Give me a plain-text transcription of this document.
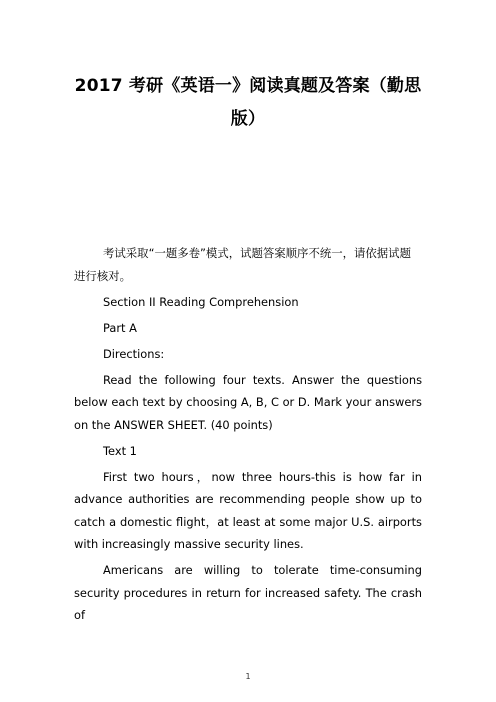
2017 考研《英语一》阅读真题及答案（勤思版）

考试采取“一题多卷”模式，试题答案顺序不统一，请依据试题进行核对。

Section II Reading Comprehension

Part A

Directions:

Read the following four texts. Answer the questions below each text by choosing A, B, C or D. Mark your answers on the ANSWER SHEET. (40 points)

Text 1

First two hours，now three hours-this is how far in advance authorities are recommending people show up to catch a domestic flight，at least at some major U.S. airports with increasingly massive security lines.

Americans are willing to tolerate time-consuming security procedures in return for increased safety. The crash of

1
